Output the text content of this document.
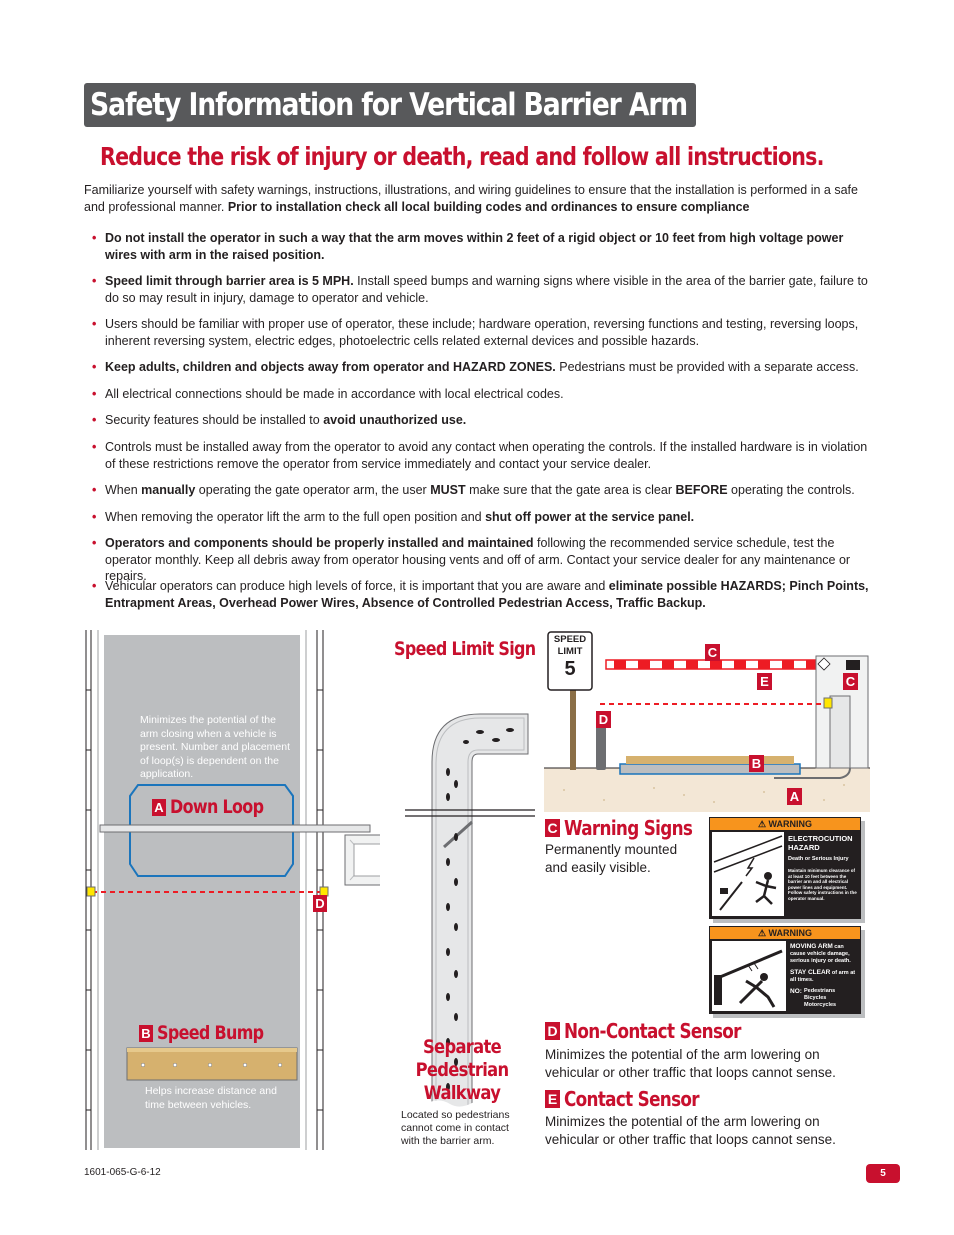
Safety Information for Vertical Barrier Arm
Reduce the risk of injury or death, read and follow all instructions.
Familiarize yourself with safety warnings, instructions, illustrations, and wiring guidelines to ensure that the installation is performed in a safe and professional manner. Prior to installation check all local building codes and ordinances to ensure compliance
• Do not install the operator in such a way that the arm moves within 2 feet of a rigid object or 10 feet from high voltage power wires with arm in the raised position.
• Speed limit through barrier area is 5 MPH. Install speed bumps and warning signs where visible in the area of the barrier gate, failure to do so may result in injury, damage to operator and vehicle.
• Users should be familiar with proper use of operator, these include; hardware operation, reversing functions and testing, reversing loops, inherent reversing system, electric edges, photoelectric cells related external devices and possible hazards.
• Keep adults, children and objects away from operator and HAZARD ZONES. Pedestrians must be provided with a separate access.
• All electrical connections should be made in accordance with local electrical codes.
• Security features should be installed to avoid unauthorized use.
• Controls must be installed away from the operator to avoid any contact when operating the controls. If the installed hardware is in violation of these restrictions remove the operator from service immediately and contact your service dealer.
• When manually operating the gate operator arm, the user MUST make sure that the gate area is clear BEFORE operating the controls.
• When removing the operator lift the arm to the full open position and shut off power at the service panel.
• Operators and components should be properly installed and maintained following the recommended service schedule, test the operator monthly. Keep all debris away from operator housing vents and off of arm. Contact your service dealer for any maintenance or repairs.
• Vehicular operators can produce high levels of force, it is important that you are aware and eliminate possible HAZARDS; Pinch Points, Entrapment Areas, Overhead Power Wires, Absence of Controlled Pedestrian Access, Traffic Backup.
Minimizes the potential of the arm closing when a vehicle is present. Number and placement of loop(s) is dependent on the application.
A Down Loop
D
B Speed Bump
Helps increase distance and time between vehicles.
Speed Limit Sign
Separate
Pedestrian
Walkway
Located so pedestrians cannot come in contact with the barrier arm.
SPEED
LIMIT
5
C
C
E
D
B
A
C Warning Signs
Permanently mounted and easily visible.
⚠ WARNING
ELECTROCUTION
HAZARD
Death or Serious Injury
Maintain minimum clearance of at least 10 feet between the barrier arm and all electrical power lines and equipment. Follow safety instructions in the operator manual.
⚠ WARNING
MOVING ARM can cause vehicle damage, serious injury or death.
STAY CLEAR of arm at all times.
NO: Pedestrians
Bicycles
Motorcycles
D Non-Contact Sensor
Minimizes the potential of the arm lowering on vehicular or other traffic that loops cannot sense.
E Contact Sensor
Minimizes the potential of the arm lowering on vehicular or other traffic that loops cannot sense.
1601-065-G-6-12	5
